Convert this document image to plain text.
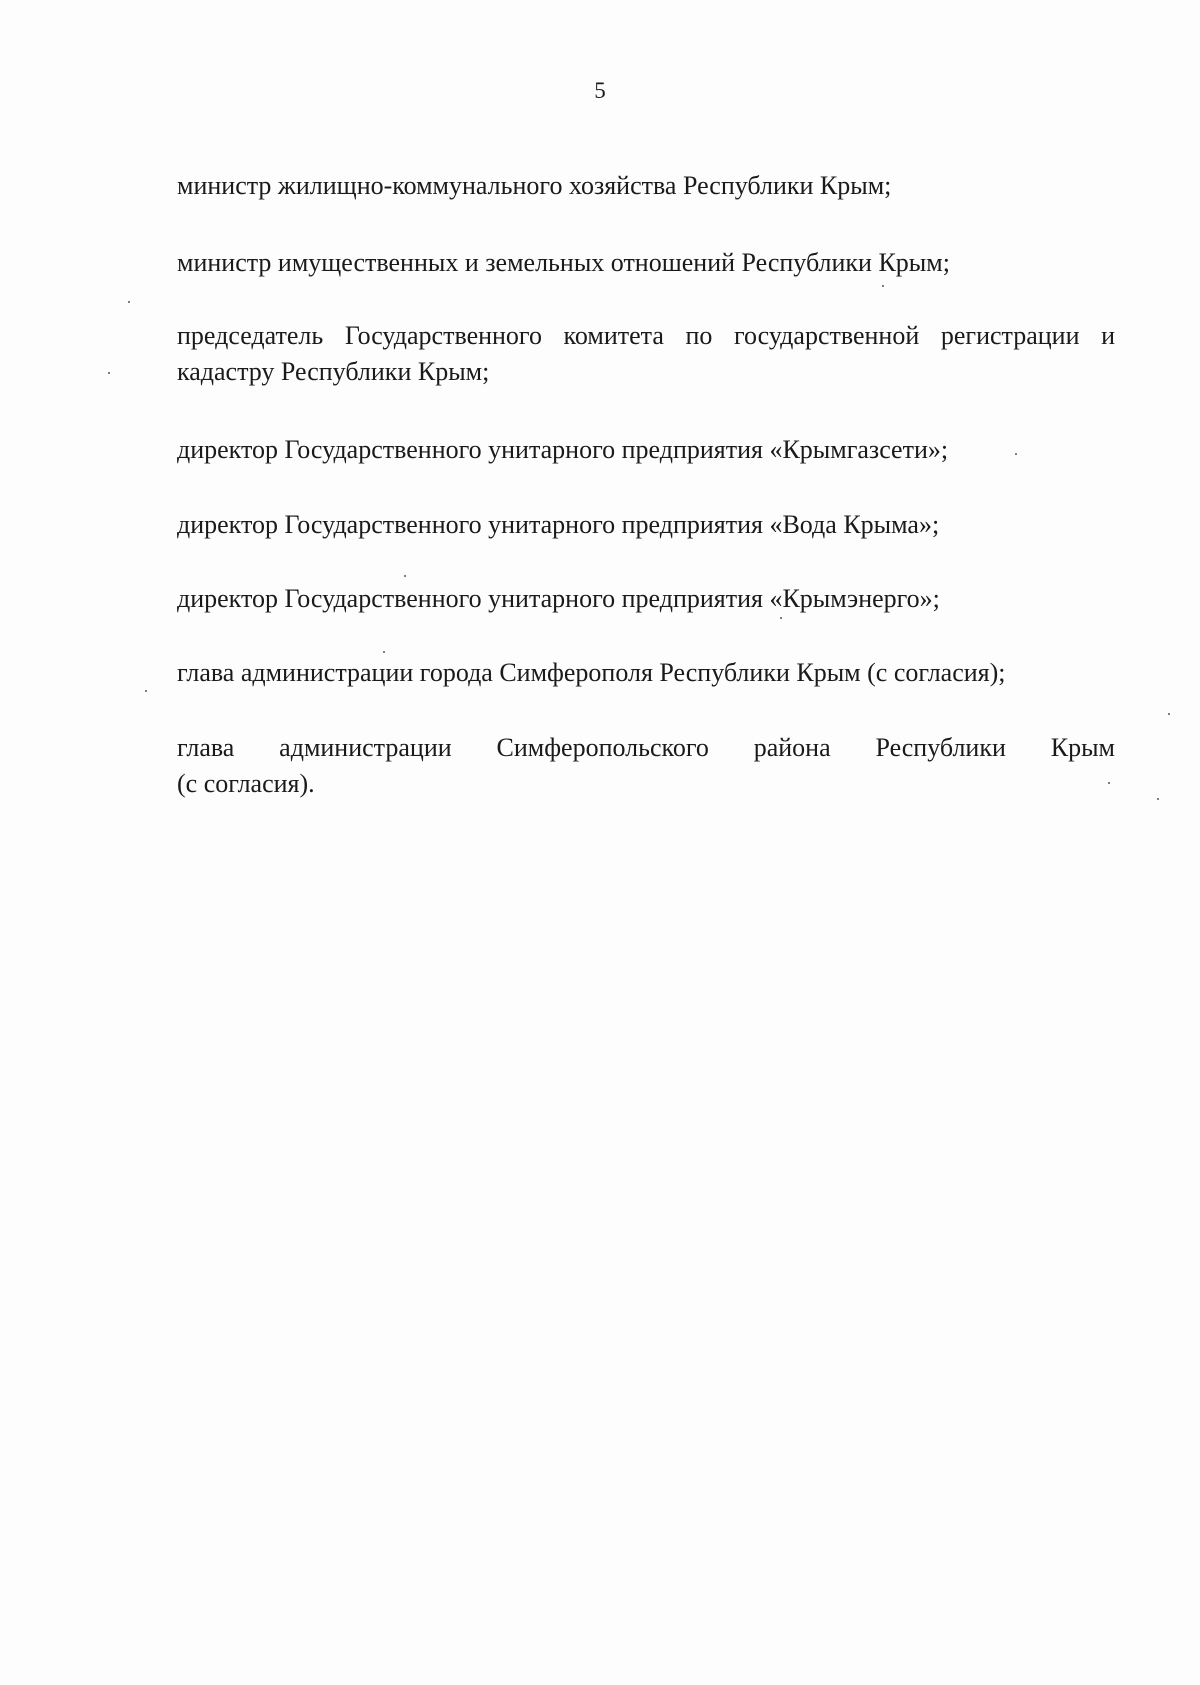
5
министр жилищно-коммунального хозяйства Республики Крым;
министр имущественных и земельных отношений Республики Крым;
председатель Государственного комитета по государственной регистрации и
кадастру Республики Крым;
директор Государственного унитарного предприятия «Крымгазсети»;
директор Государственного унитарного предприятия «Вода Крыма»;
директор Государственного унитарного предприятия «Крымэнерго»;
глава администрации города Симферополя Республики Крым (с согласия);
глава администрации Симферопольского района Республики Крым
(с согласия).
